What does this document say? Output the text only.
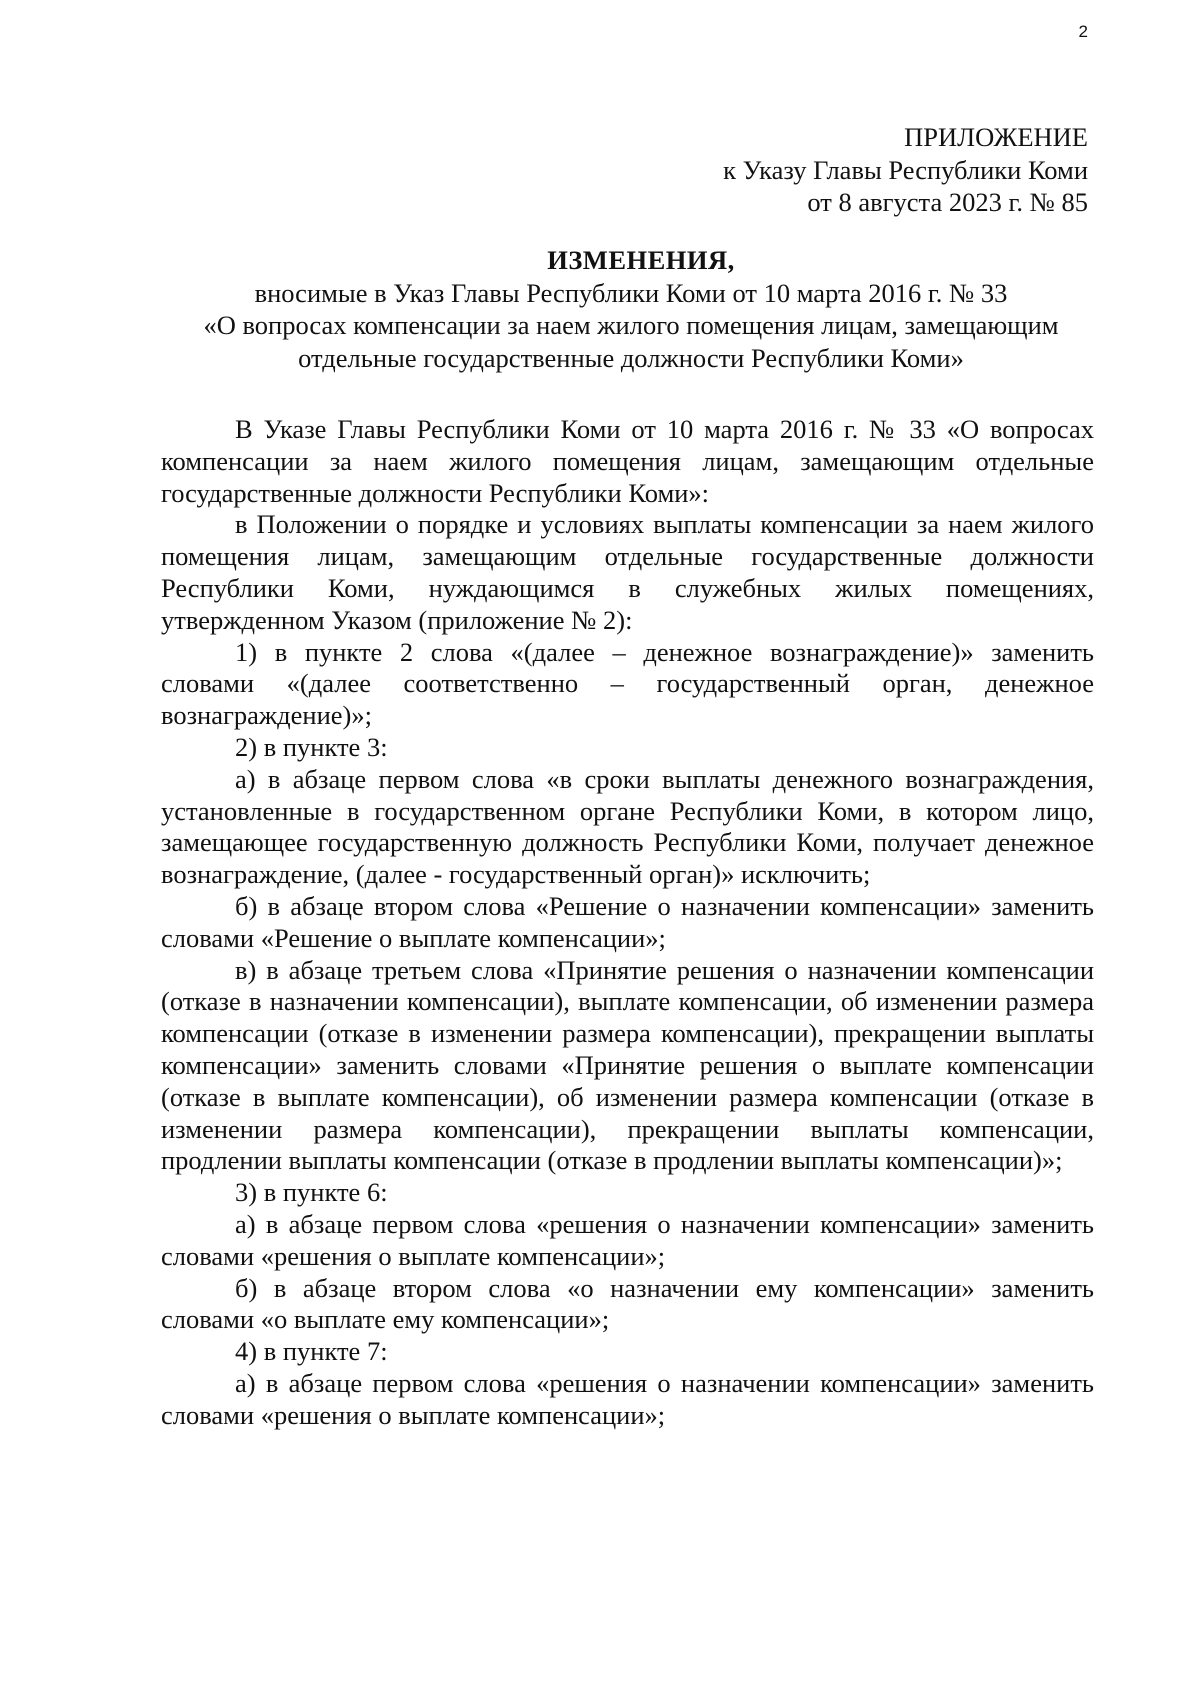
2
ПРИЛОЖЕНИЕ
к Указу Главы Республики Коми
от 8 августа 2023 г. № 85
ИЗМЕНЕНИЯ,
вносимые в Указ Главы Республики Коми от 10 марта 2016 г. № 33
«О вопросах компенсации за наем жилого помещения лицам, замещающим
отдельные государственные должности Республики Коми»

В Указе Главы Республики Коми от 10 марта 2016 г. № 33 «О вопросах компенсации за наем жилого помещения лицам, замещающим отдельные государственные должности Республики Коми»:

в Положении о порядке и условиях выплаты компенсации за наем жилого помещения лицам, замещающим отдельные государственные должности Республики Коми, нуждающимся в служебных жилых помещениях, утвержденном Указом (приложение № 2):

1) в пункте 2 слова «(далее – денежное вознаграждение)» заменить словами «(далее соответственно – государственный орган, денежное вознаграждение)»;

2) в пункте 3:

а) в абзаце первом слова «в сроки выплаты денежного вознаграждения, установленные в государственном органе Республики Коми, в котором лицо, замещающее государственную должность Республики Коми, получает денежное вознаграждение, (далее - государственный орган)» исключить;

б) в абзаце втором слова «Решение о назначении компенсации» заменить словами «Решение о выплате компенсации»;

в) в абзаце третьем слова «Принятие решения о назначении компенсации (отказе в назначении компенсации), выплате компенсации, об изменении размера компенсации (отказе в изменении размера компенсации), прекращении выплаты компенсации» заменить словами «Принятие решения о выплате компенсации (отказе в выплате компенсации), об изменении размера компенсации (отказе в изменении размера компенсации), прекращении выплаты компенсации, продлении выплаты компенсации (отказе в продлении выплаты компенсации)»;

3) в пункте 6:

а) в абзаце первом слова «решения о назначении компенсации» заменить словами «решения о выплате компенсации»;

б) в абзаце втором слова «о назначении ему компенсации» заменить словами «о выплате ему компенсации»;

4) в пункте 7:

а) в абзаце первом слова «решения о назначении компенсации» заменить словами «решения о выплате компенсации»;
